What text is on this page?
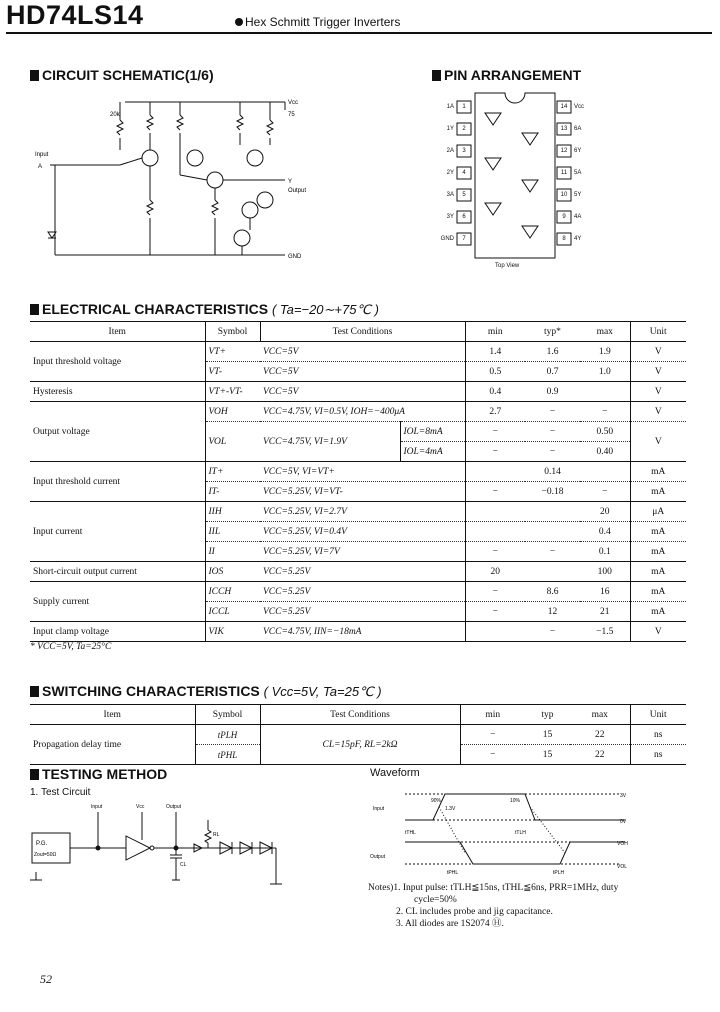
HD74LS14	Hex Schmitt Trigger Inverters
CIRCUIT SCHEMATIC(1/6)
Vcc
75
20k
Input
A
Y
Output
GND
PIN ARRANGEMENT
1A	1	14	Vcc
1Y	2	13	6A
2A	3	12	6Y
2Y	4	11	5A
3A	5	10	5Y
3Y	6	9	4A
GND	7	8	4Y
Top View
ELECTRICAL CHARACTERISTICS ( Ta=−20∼+75℃ )
Item	Symbol	Test Conditions		min	typ*	max	Unit
Input threshold voltage	VT+	VCC=5V		1.4	1.6	1.9	V
	VT-	VCC=5V		0.5	0.7	1.0	V
Hysteresis	VT+-VT-	VCC=5V		0.4	0.9		V
Output voltage	VOH	VCC=4.75V, VI=0.5V, IOH=−400μA		2.7	−	−	V
	VOL	VCC=4.75V, VI=1.9V	IOL=8mA	−	−	0.50	V
			IOL=4mA	−	−	0.40	
Input threshold current	IT+	VCC=5V, VI=VT+			0.14		mA
	IT-	VCC=5.25V, VI=VT-		−	−0.18	−	mA
Input current	IIH	VCC=5.25V, VI=2.7V				20	μA
	IIL	VCC=5.25V, VI=0.4V				0.4	mA
	II	VCC=5.25V, VI=7V		−	−	0.1	mA
Short-circuit output current	IOS	VCC=5.25V		20		100	mA
Supply current	ICCH	VCC=5.25V		−	8.6	16	mA
	ICCL	VCC=5.25V		−	12	21	mA
Input clamp voltage	VIK	VCC=4.75V, IIN=−18mA			−	−1.5	V
* VCC=5V, Ta=25°C
SWITCHING CHARACTERISTICS ( Vcc=5V, Ta=25℃ )
Item	Symbol	Test Conditions	min	typ	max	Unit
Propagation delay time	tPLH	CL=15pF, RL=2kΩ	−	15	22	ns
	tPHL		−	15	22	ns
TESTING METHOD
1. Test Circuit
P.G.
Zout=50Ω
Input	Vcc	Output
RL
CL
Waveform
Input
Output
90%
1.3V
10%
3V
0V
VOH
VOL
tTHL	tTLH
tPHL	tPLH
Notes)1. Input pulse: tTLH≦15ns, tTHL≦6ns, PRR=1MHz, duty
cycle=50%
2. CL includes probe and jig capacitance.
3. All diodes are 1S2074 Ⓗ.
52
